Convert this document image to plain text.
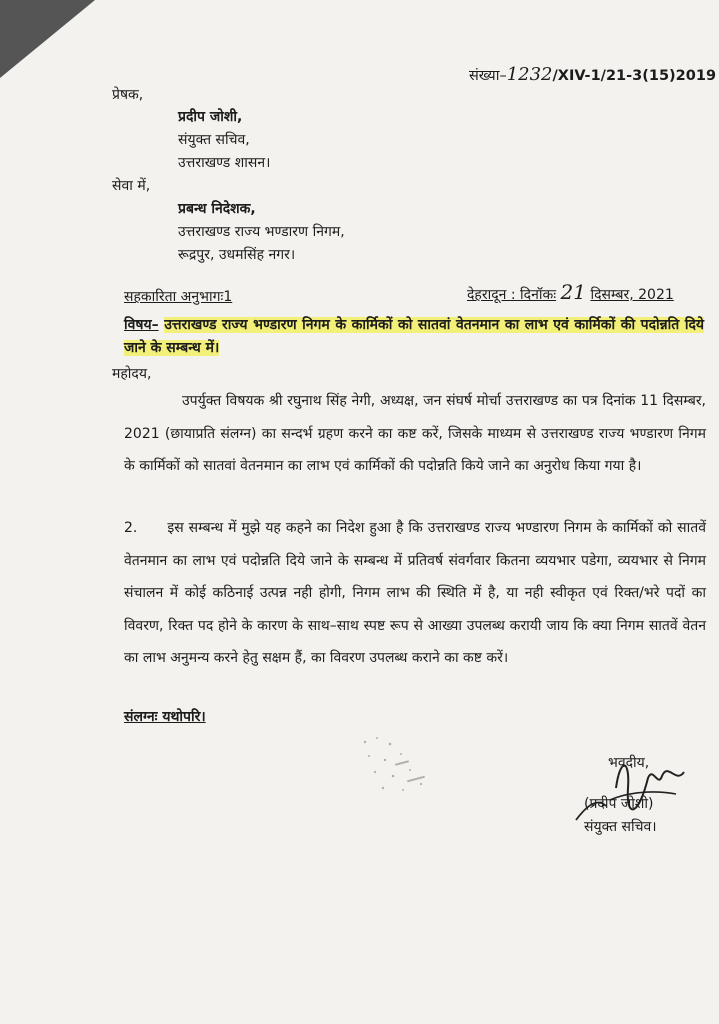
संख्या–1232/XIV-1/21-3(15)2019
प्रेषक,
प्रदीप जोशी,
संयुक्त सचिव,
उत्तराखण्ड शासन।
सेवा में,
प्रबन्ध निदेशक,
उत्तराखण्ड राज्य भण्डारण निगम,
रूद्रपुर, उधमसिंह नगर।
सहकारिता अनुभागः1	देहरादून : दिनॉकः 21 दिसम्बर, 2021
विषय– उत्तराखण्ड राज्य भण्डारण निगम के कार्मिकों को सातवां वेतनमान का लाभ एवं कार्मिकों की पदोन्नति दिये जाने के सम्बन्ध में।
महोदय,
उपर्युक्त विषयक श्री रघुनाथ सिंह नेगी, अध्यक्ष, जन संघर्ष मोर्चा उत्तराखण्ड का पत्र दिनांक 11 दिसम्बर, 2021 (छायाप्रति संलग्न) का सन्दर्भ ग्रहण करने का कष्ट करें, जिसके माध्यम से उत्तराखण्ड राज्य भण्डारण निगम के कार्मिकों को सातवां वेतनमान का लाभ एवं कार्मिकों की पदोन्नति किये जाने का अनुरोध किया गया है।
2. इस सम्बन्ध में मुझे यह कहने का निदेश हुआ है कि उत्तराखण्ड राज्य भण्डारण निगम के कार्मिकों को सातवें वेतनमान का लाभ एवं पदोन्नति दिये जाने के सम्बन्ध में प्रतिवर्ष संवर्गवार कितना व्ययभार पडेगा, व्ययभार से निगम संचालन में कोई कठिनाई उत्पन्न नही होगी, निगम लाभ की स्थिति में है, या नही स्वीकृत एवं रिक्त/भरे पदों का विवरण, रिक्त पद होने के कारण के साथ–साथ स्पष्ट रूप से आख्या उपलब्ध करायी जाय कि क्या निगम सातवें वेतन का लाभ अनुमन्य करने हेतु सक्षम हैं, का विवरण उपलब्ध कराने का कष्ट करें।
संलग्नः यथोपरि।
भवदीय,
(प्रदीप जोशी)
संयुक्त सचिव।
